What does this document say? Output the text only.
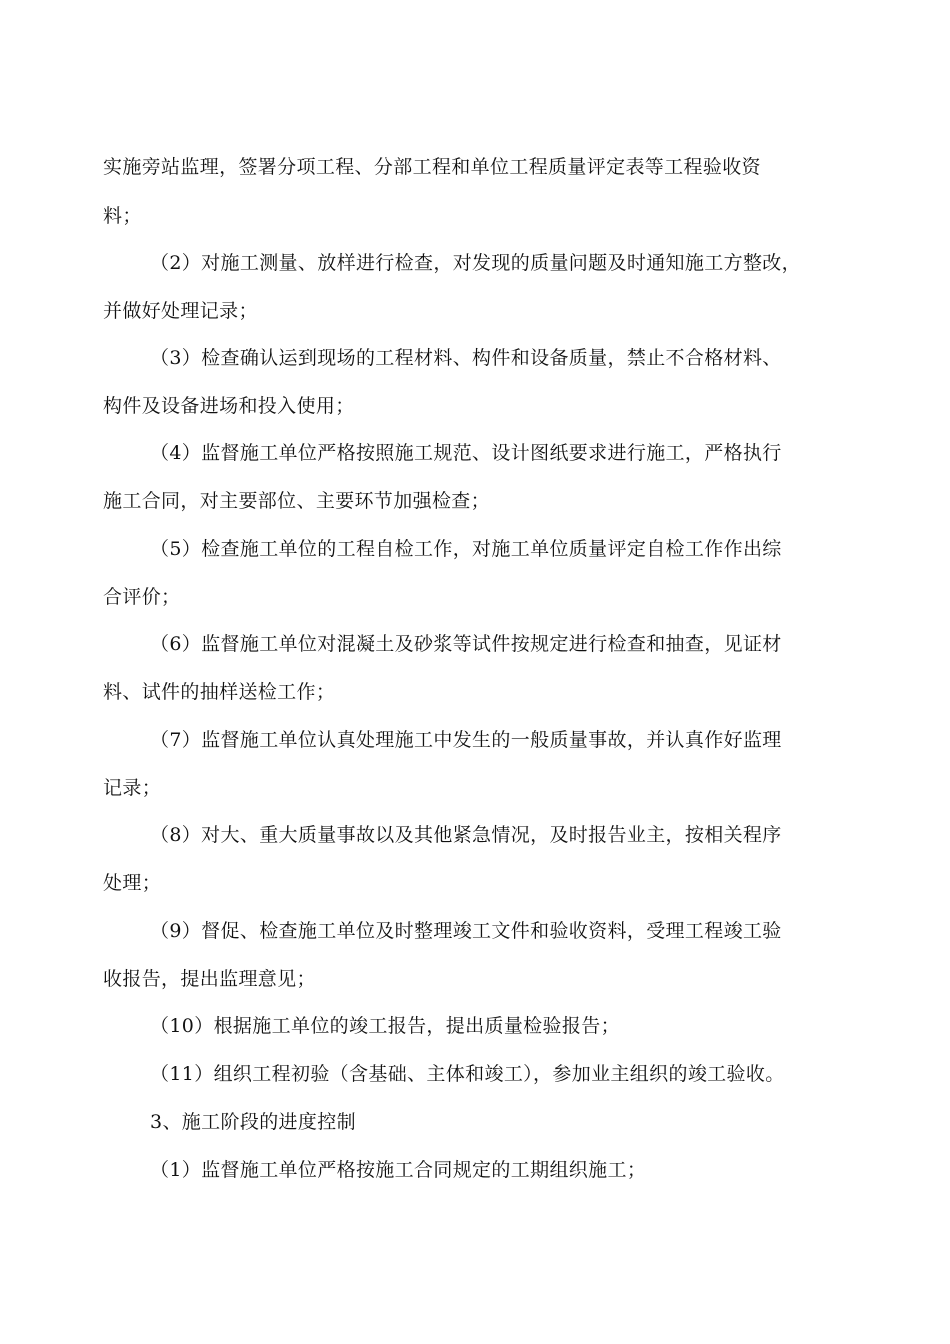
实施旁站监理，签署分项工程、分部工程和单位工程质量评定表等工程验收资
料；
（2）对施工测量、放样进行检查，对发现的质量问题及时通知施工方整改，
并做好处理记录；
（3）检查确认运到现场的工程材料、构件和设备质量，禁止不合格材料、
构件及设备进场和投入使用；
（4）监督施工单位严格按照施工规范、设计图纸要求进行施工，严格执行
施工合同，对主要部位、主要环节加强检查；
（5）检查施工单位的工程自检工作，对施工单位质量评定自检工作作出综
合评价；
（6）监督施工单位对混凝土及砂浆等试件按规定进行检查和抽查，见证材
料、试件的抽样送检工作；
（7）监督施工单位认真处理施工中发生的一般质量事故，并认真作好监理
记录；
（8）对大、重大质量事故以及其他紧急情况，及时报告业主，按相关程序
处理；
（9）督促、检查施工单位及时整理竣工文件和验收资料，受理工程竣工验
收报告，提出监理意见；
（10）根据施工单位的竣工报告，提出质量检验报告；
（11）组织工程初验（含基础、主体和竣工），参加业主组织的竣工验收。
3、施工阶段的进度控制
（1）监督施工单位严格按施工合同规定的工期组织施工；
